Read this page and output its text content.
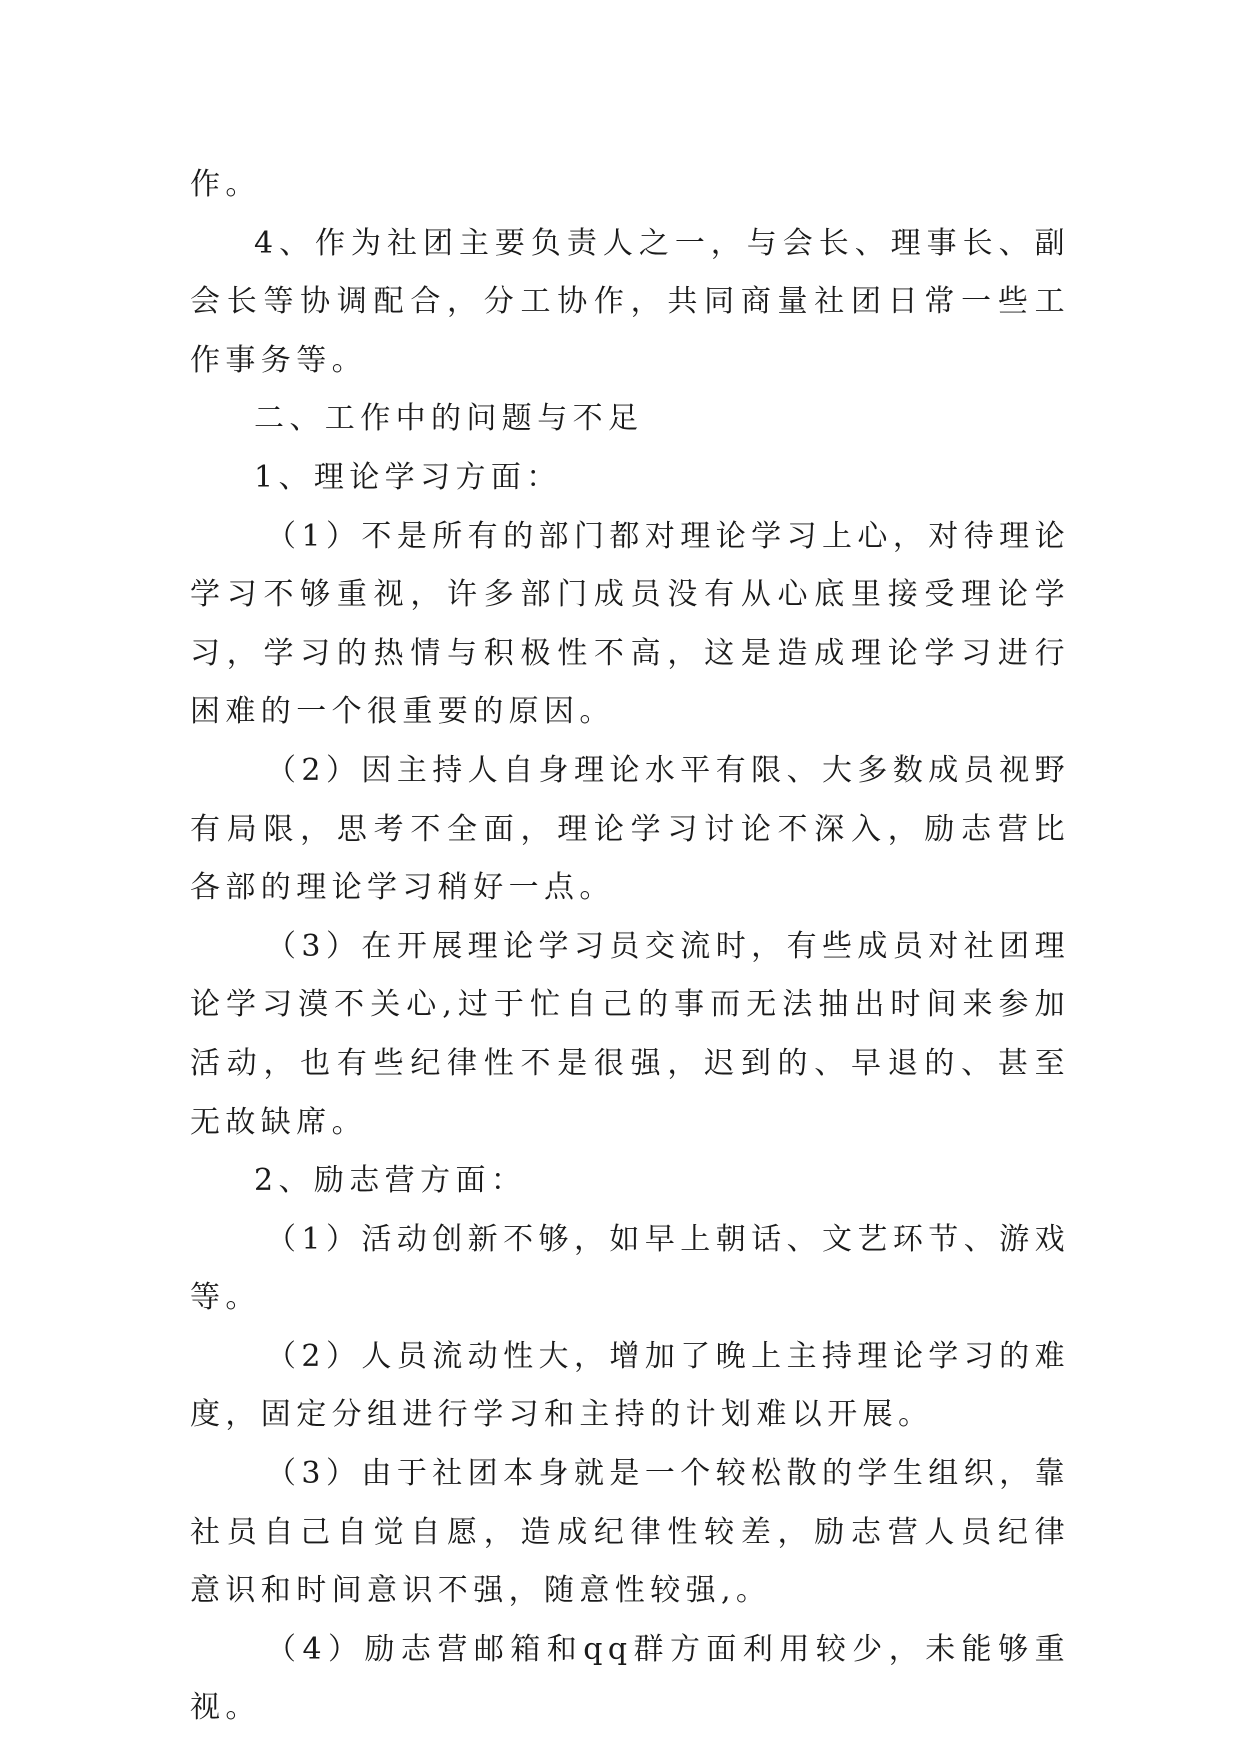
作。

4、作为社团主要负责人之一，与会长、理事长、副会长等协调配合，分工协作，共同商量社团日常一些工作事务等。

二、工作中的问题与不足

1、理论学习方面：

（1）不是所有的部门都对理论学习上心，对待理论学习不够重视，许多部门成员没有从心底里接受理论学习，学习的热情与积极性不高，这是造成理论学习进行困难的一个很重要的原因。

（2）因主持人自身理论水平有限、大多数成员视野有局限，思考不全面，理论学习讨论不深入，励志营比各部的理论学习稍好一点。

（3）在开展理论学习员交流时，有些成员对社团理论学习漠不关心,过于忙自己的事而无法抽出时间来参加活动，也有些纪律性不是很强，迟到的、早退的、甚至无故缺席。

2、励志营方面：

（1）活动创新不够，如早上朝话、文艺环节、游戏等。

（2）人员流动性大，增加了晚上主持理论学习的难度，固定分组进行学习和主持的计划难以开展。

（3）由于社团本身就是一个较松散的学生组织，靠社员自己自觉自愿，造成纪律性较差，励志营人员纪律意识和时间意识不强，随意性较强,。

（4）励志营邮箱和qq群方面利用较少，未能够重视。
